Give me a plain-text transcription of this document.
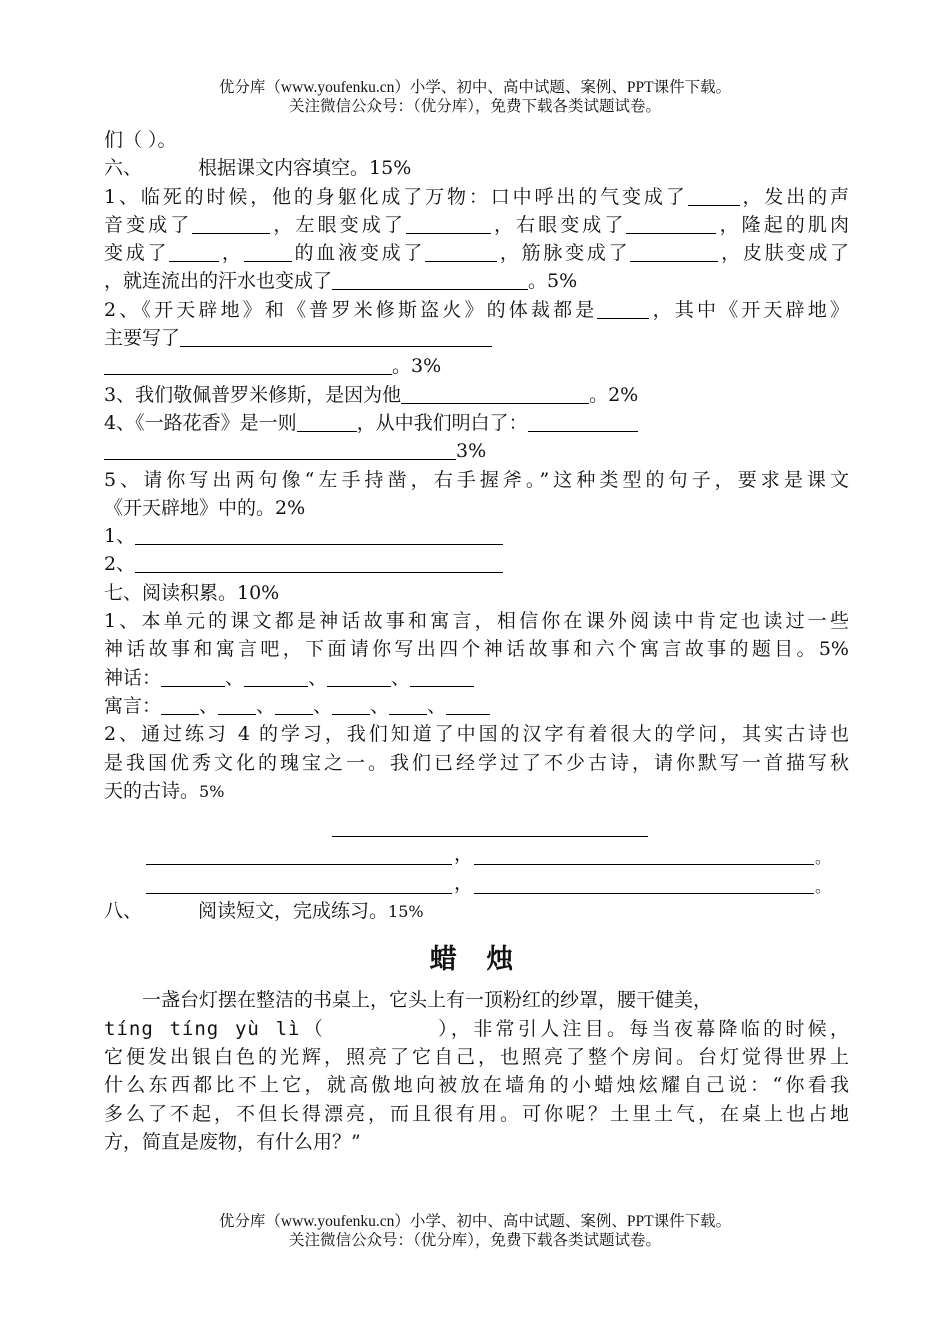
优分库（www.youfenku.cn）小学、初中、高中试题、案例、PPT课件下载。
关注微信公众号：（优分库），免费下载各类试题试卷。

们（ ）。

六、	根据课文内容填空。15%

1、临死的时候，他的身躯化成了万物：口中呼出的气变成了	，发出的声

音变成了	，左眼变成了	，右眼变成了	，隆起的肌肉

变成了	，	的血液变成了	，筋脉变成了	，皮肤变成了

，就连流出的汗水也变成了	。5%

2、《开天辟地》和《普罗米修斯盗火》的体裁都是	，其中《开天辟地》

主要写了

。3%

3、我们敬佩普罗米修斯，是因为他	。2%

4、《一路花香》是一则	，从中我们明白了：

3%

5、请你写出两句像“左手持凿，右手握斧。”这种类型的句子，要求是课文

《开天辟地》中的。2%

1、

2、

七、阅读积累。10%

1、本单元的课文都是神话故事和寓言，相信你在课外阅读中肯定也读过一些

神话故事和寓言吧，下面请你写出四个神话故事和六个寓言故事的题目。5%

神话：	、	、	、

寓言： 、 、 、 、 、

2、通过练习 4 的学习，我们知道了中国的汉字有着很大的学问，其实古诗也

是我国优秀文化的瑰宝之一。我们已经学过了不少古诗，请你默写一首描写秋

天的古诗。5%

，	。
，	。

八、	阅读短文，完成练习。15%

蜡 烛

一盏台灯摆在整洁的书桌上，它头上有一顶粉红的纱罩，腰干健美，

tíng tíng yù lì（            ），非常引人注目。每当夜幕降临的时候，

它便发出银白色的光辉，照亮了它自己，也照亮了整个房间。台灯觉得世界上

什么东西都比不上它，就高傲地向被放在墙角的小蜡烛炫耀自己说：“你看我

多么了不起，不但长得漂亮，而且很有用。可你呢？土里土气，在桌上也占地

方，简直是废物，有什么用？”

优分库（www.youfenku.cn）小学、初中、高中试题、案例、PPT课件下载。
关注微信公众号：（优分库），免费下载各类试题试卷。
